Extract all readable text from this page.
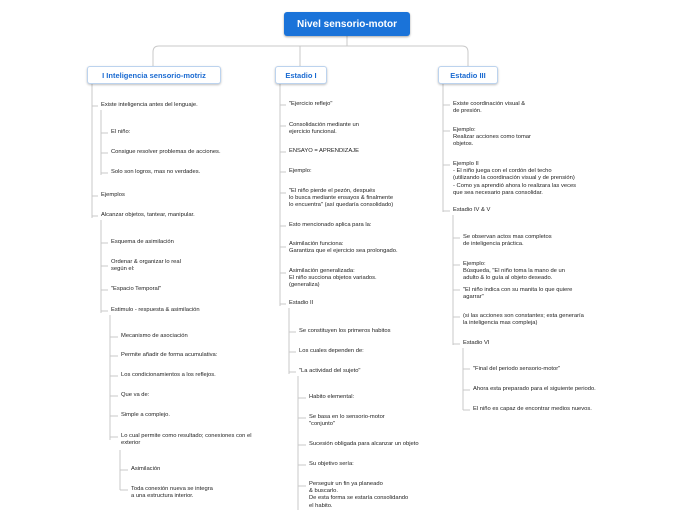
Nivel sensorio-motor
I Inteligencia sensorio-motriz	Estadio I	Estadio III
Existe inteligencia antes del lenguaje.
El niño:
Consigue resolver problemas de acciones.
Solo son logros, mas no verdades.
Ejemplos
Alcanzar objetos, tantear, manipular.
Esquema de asimilación
Ordenar & organizar lo real
según el:
"Espacio Temporal"
Estimulo - respuesta & asimilación
Mecanismo de asociación
Permite añadir de forma acumulativa:
Los condicionamientos a los reflejos.
Que va de:
Simple a complejo.
Lo cual permite como resultado; conexiones con el
exterior
Asimilación
Toda conexión nueva se integra
a una estructura interior.
"Ejercicio reflejo"
Consolidación mediante un
ejercicio funcional.
ENSAYO = APRENDIZAJE
Ejemplo:
"El niño pierde el pezón, después
lo busca mediante ensayos & finalmente
lo encuentra" (así quedaría consolidado)
Esto mencionado aplica para la:
Asimilación funciona:
Garantiza que el ejercicio sea prolongado.
Asimilación generalizada:
El niño succiona objetos variados.
(generaliza)
Estadio II
Se constituyen los primeros habitos
Los cuales dependen de:
"La actividad del sujeto"
Habito elemental:
Se basa en lo sensorio-motor
"conjunto"
Sucesión obligada para alcanzar un objeto
Su objetivo sería:
Perseguir un fin ya planeado
& buscarlo.
De esta forma se estaría consolidando
el habito.
Existe coordinación visual &
de presión.
Ejemplo:
Realizar acciones como tomar
objetos.
Ejemplo II
- El niño juega con el cordón del techo
(utilizando la coordinación visual y de prensión)
- Como ya aprendió ahora lo realizara las veces
que sea necesario para consolidar.
Estadio IV & V
Se observan actos mas completos
de inteligencia práctica.
Ejemplo:
Búsqueda, "El niño toma la mano de un
adulto & lo guía al objeto deseado.
"El niño indica con su manita lo que quiere
agarrar"
(si las acciones son constantes; esta generaría
la inteligencia mas compleja)
Estadio VI
"Final del periodo sensorio-motor"
Ahora esta preparado para el siguiente periodo.
El niño es capaz de encontrar medios nuevos.
